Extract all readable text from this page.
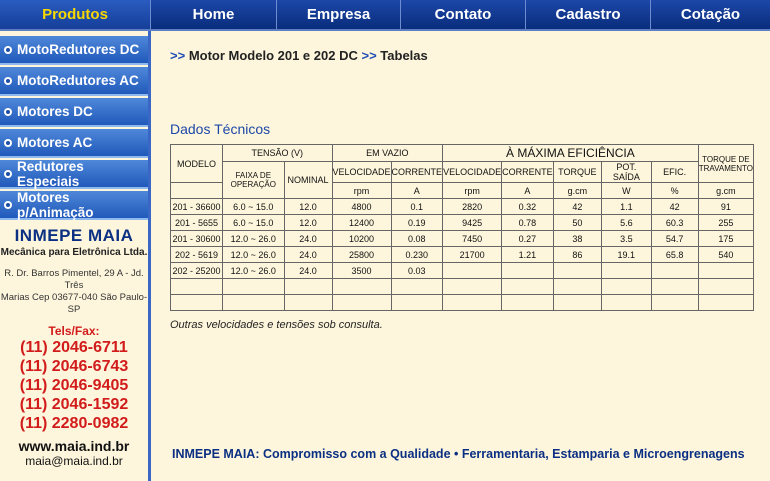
Produtos	Home	Empresa	Contato	Cadastro	Cotação
MotoRedutores DC
MotoRedutores AC
Motores DC
Motores AC
Redutores Especiais
Motores p/Animação
INMEPE MAIA
Mecânica para Eletrônica Ltda.
R. Dr. Barros Pimentel, 29 A - Jd. Três
Marias Cep 03677-040 São Paulo-SP
Tels/Fax:
(11) 2046-6711
(11) 2046-6743
(11) 2046-9405
(11) 2046-1592
(11) 2280-0982
www.maia.ind.br
maia@maia.ind.br
>> Motor Modelo 201 e 202 DC >> Tabelas
Dados Técnicos
MODELO	TENSÃO (V)		EM VAZIO		À MÁXIMA EFICIÊNCIA					TORQUE DE TRAVAMENTO
	FAIXA DE OPERAÇÃO	NOMINAL	VELOCIDADE	CORRENTE	VELOCIDADE	CORRENTE	TORQUE	POT. SAÍDA	EFIC.	
			rpm	A	rpm	A	g.cm	W	%	g.cm
201 - 36600	6.0 ~ 15.0	12.0	4800	0.1	2820	0.32	42	1.1	42	91
201 - 5655	6.0 ~ 15.0	12.0	12400	0.19	9425	0.78	50	5.6	60.3	255
201 - 30600	12.0 ~ 26.0	24.0	10200	0.08	7450	0.27	38	3.5	54.7	175
202 - 5619	12.0 ~ 26.0	24.0	25800	0.230	21700	1.21	86	19.1	65.8	540
202 - 25200	12.0 ~ 26.0	24.0	3500	0.03						

Outras velocidades e tensões sob consulta.
INMEPE MAIA: Compromisso com a Qualidade • Ferramentaria, Estamparia e Microengrenagens
